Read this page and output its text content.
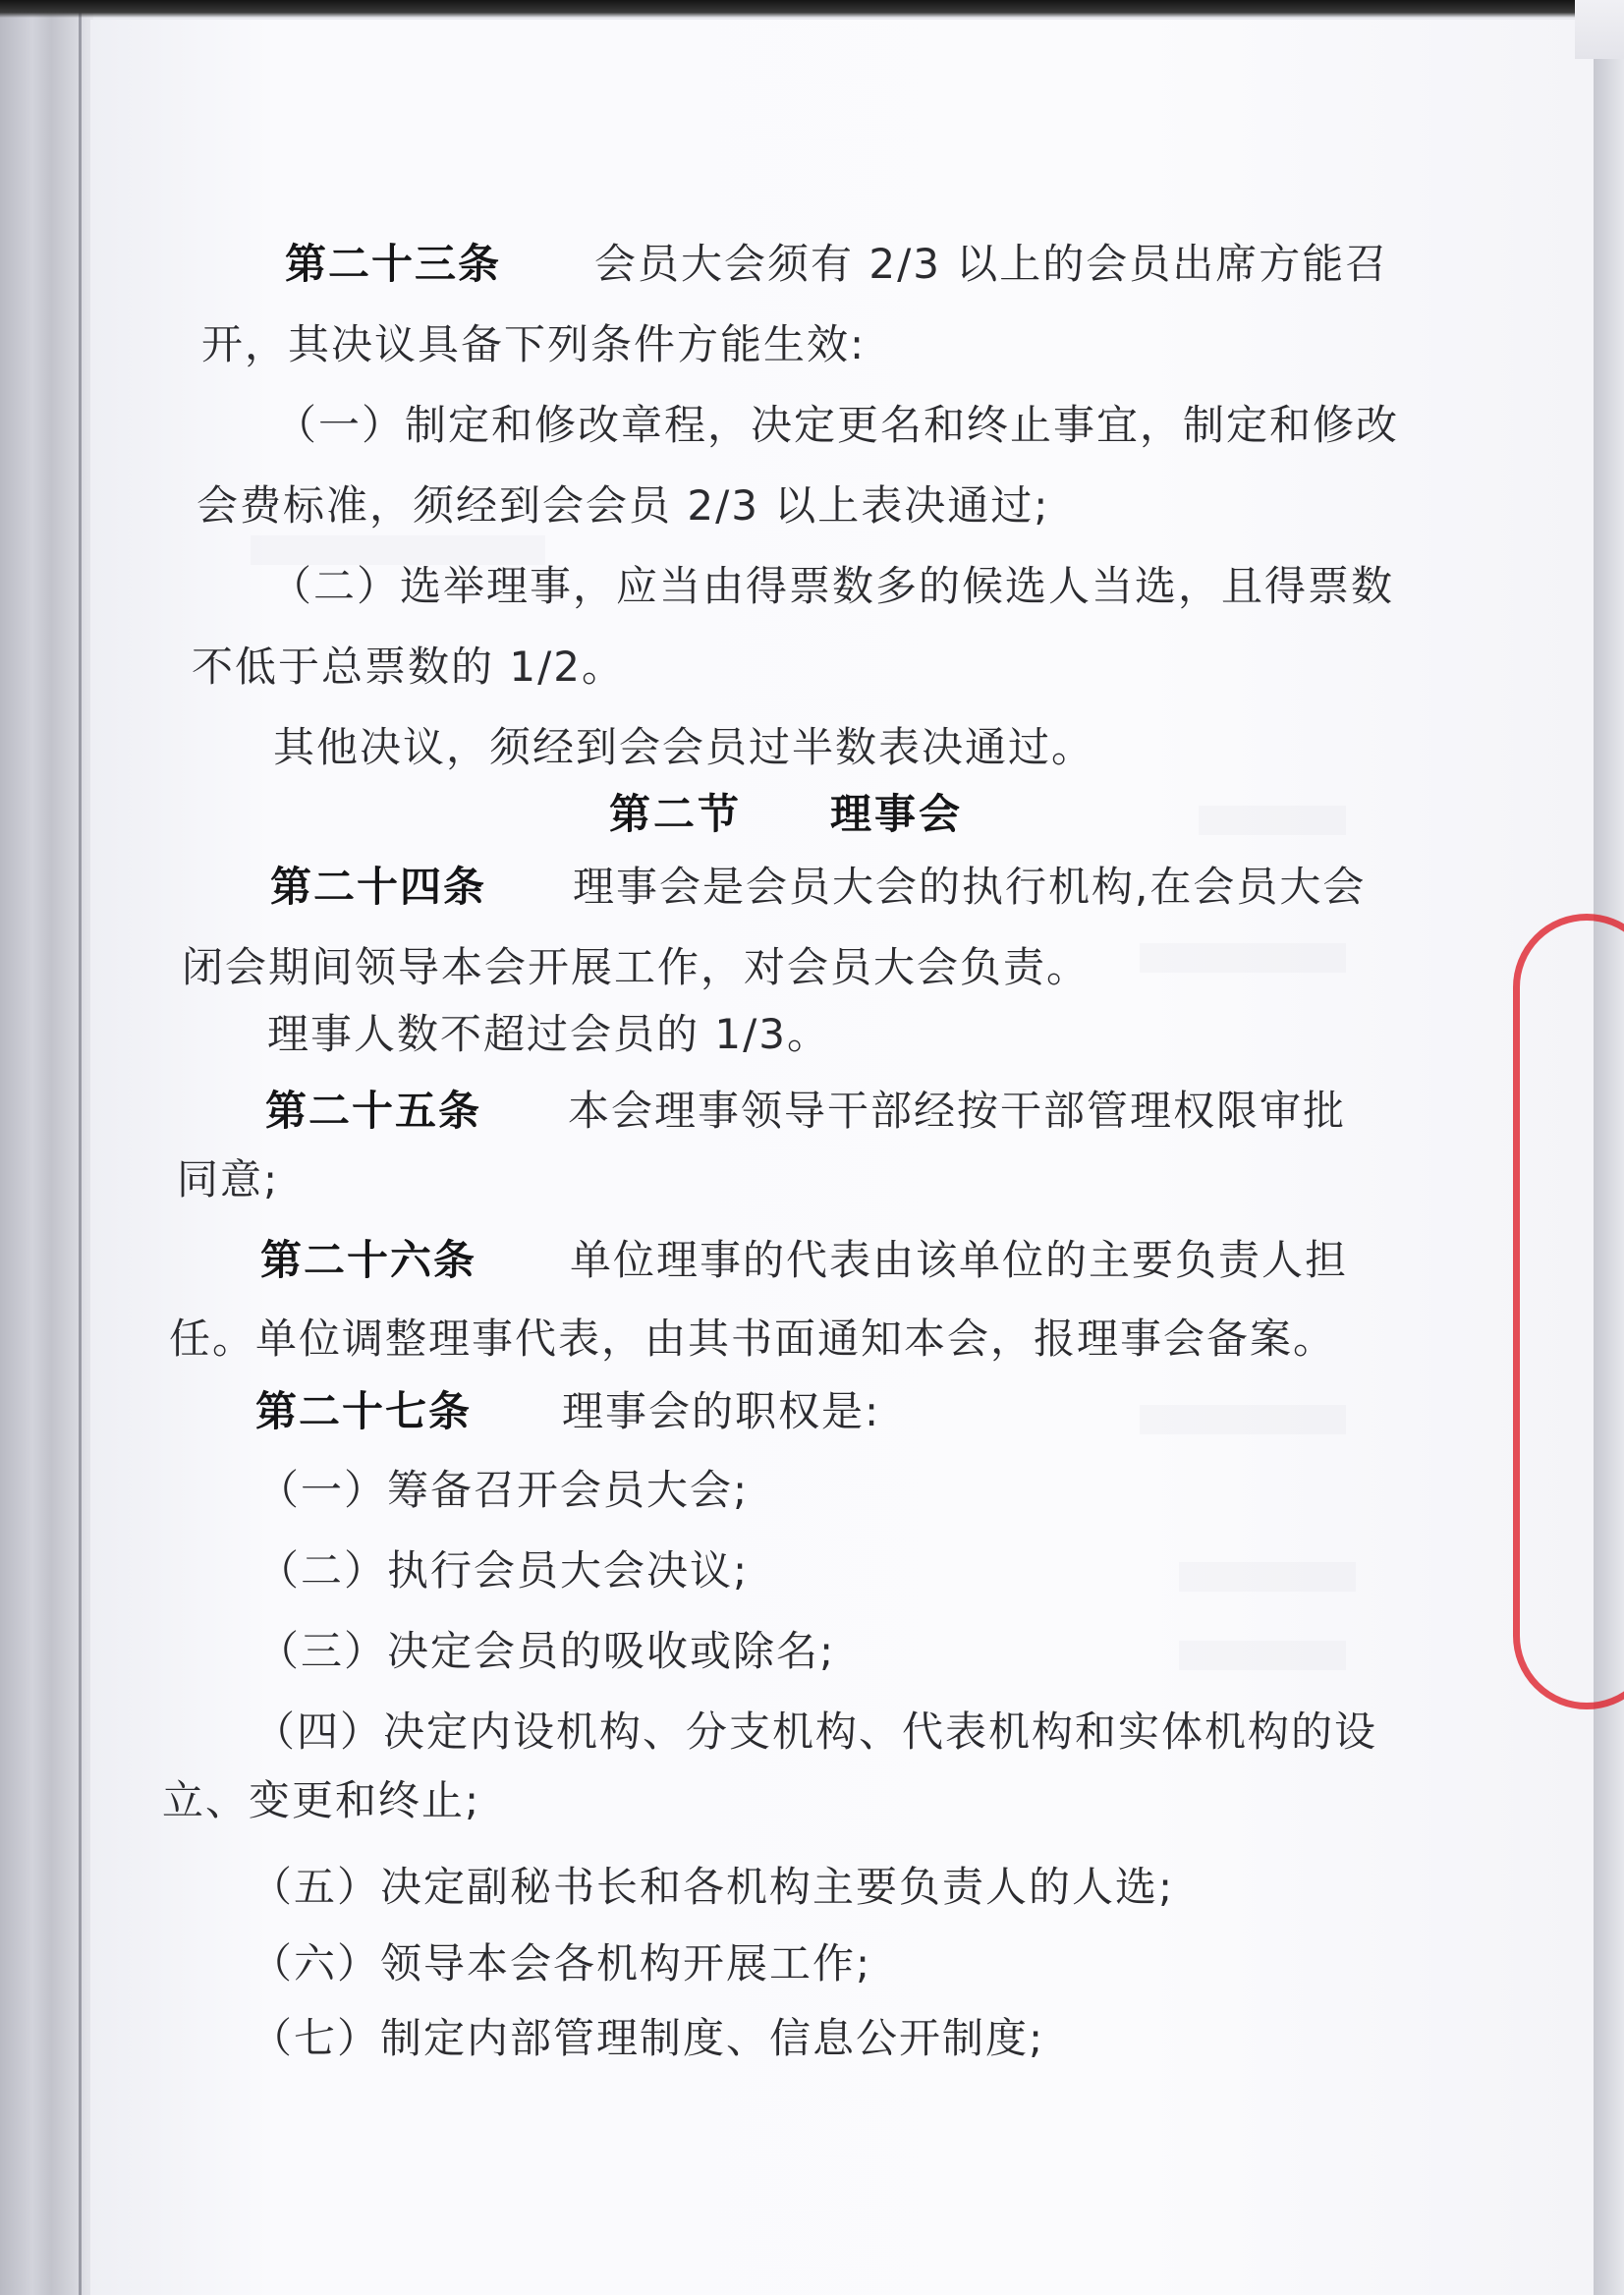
第二十三条 会员大会须有 2/3 以上的会员出席方能召
开，其决议具备下列条件方能生效:
（一）制定和修改章程，决定更名和终止事宜，制定和修改
会费标准，须经到会会员 2/3 以上表决通过;
（二）选举理事，应当由得票数多的候选人当选，且得票数
不低于总票数的 1/2。
其他决议，须经到会会员过半数表决通过。
第二节 理事会
第二十四条 理事会是会员大会的执行机构,在会员大会
闭会期间领导本会开展工作，对会员大会负责。
理事人数不超过会员的 1/3。
第二十五条 本会理事领导干部经按干部管理权限审批
同意;
第二十六条 单位理事的代表由该单位的主要负责人担
任。单位调整理事代表，由其书面通知本会，报理事会备案。
第二十七条 理事会的职权是:
（一）筹备召开会员大会;
（二）执行会员大会决议;
（三）决定会员的吸收或除名;
（四）决定内设机构、分支机构、代表机构和实体机构的设
立、变更和终止;
（五）决定副秘书长和各机构主要负责人的人选;
（六）领导本会各机构开展工作;
（七）制定内部管理制度、信息公开制度;
